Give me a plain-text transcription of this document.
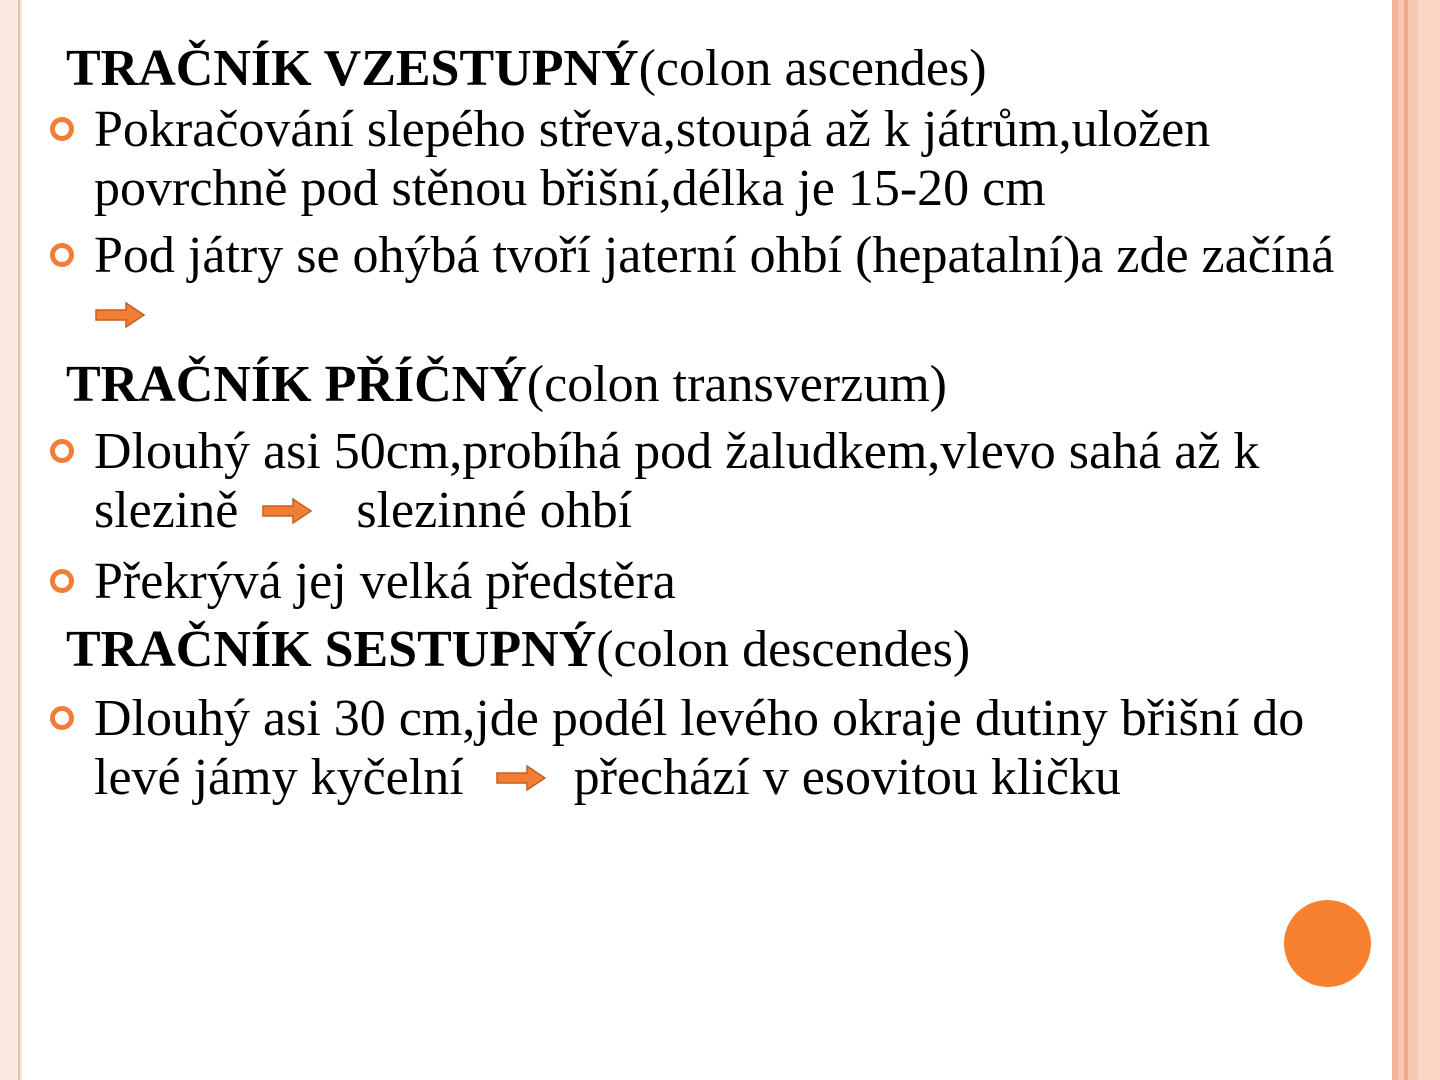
TRAČNÍK VZESTUPNÝ(colon ascendes)
Pokračování slepého střeva,stoupá až k játrům,uložen povrchně pod stěnou břišní,délka je 15-20 cm
Pod játry se ohýbá tvoří jaterní ohbí (hepatalní)a zde začíná
TRAČNÍK PŘÍČNÝ(colon transverzum)
Dlouhý asi 50cm,probíhá pod žaludkem,vlevo sahá až k slezině slezinné ohbí
Překrývá jej velká předstěra
TRAČNÍK SESTUPNÝ(colon descendes)
Dlouhý asi 30 cm,jde podél levého okraje dutiny břišní do levé jámy kyčelní přechází v esovitou kličku
